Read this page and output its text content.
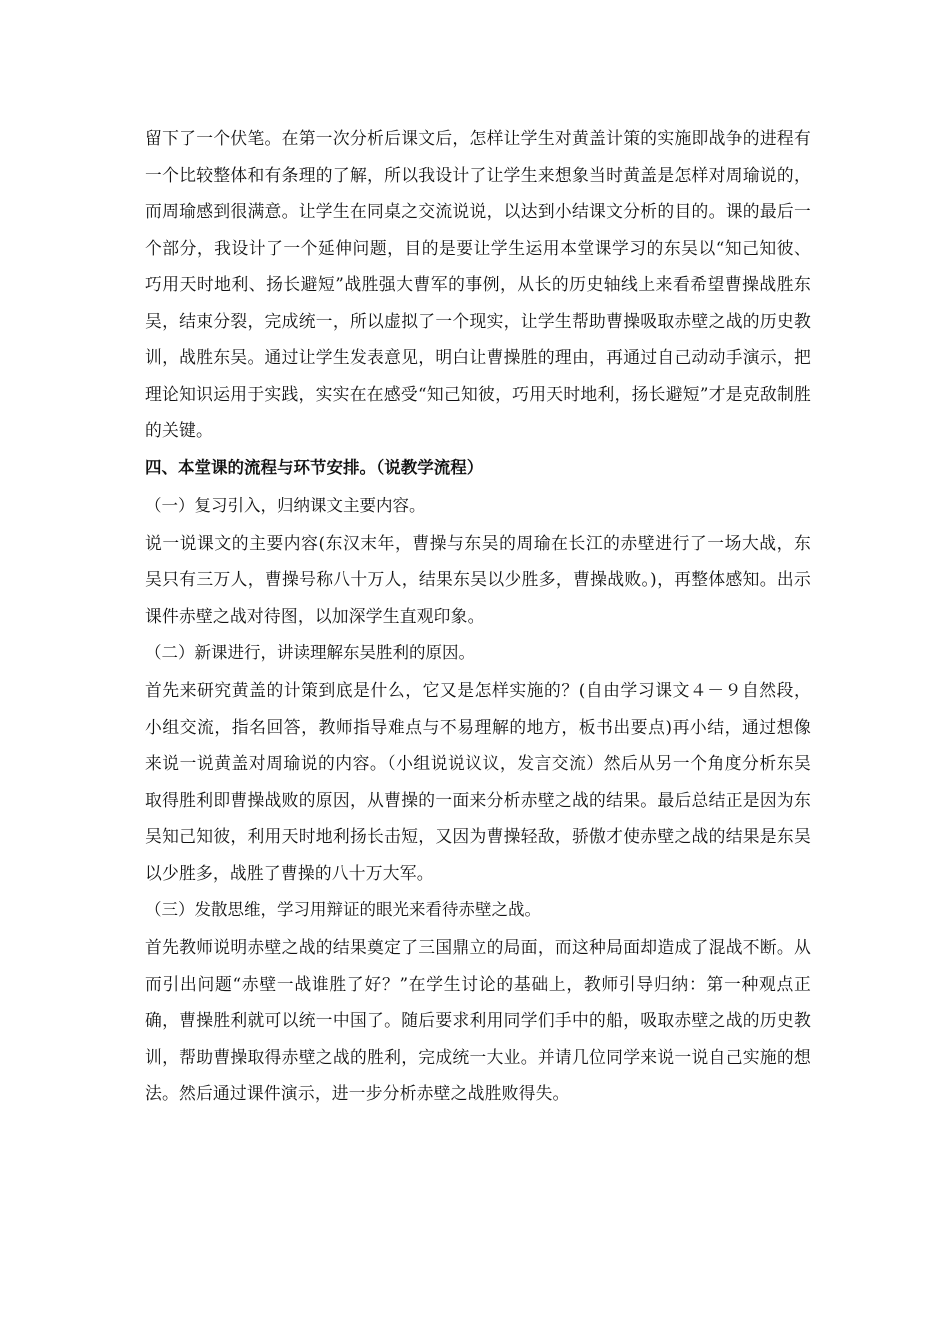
留下了一个伏笔。在第一次分析后课文后，怎样让学生对黄盖计策的实施即战争的进程有一个比较整体和有条理的了解，所以我设计了让学生来想象当时黄盖是怎样对周瑜说的，而周瑜感到很满意。让学生在同桌之交流说说，以达到小结课文分析的目的。课的最后一个部分，我设计了一个延伸问题，目的是要让学生运用本堂课学习的东吴以“知己知彼、巧用天时地利、扬长避短”战胜强大曹军的事例，从长的历史轴线上来看希望曹操战胜东吴，结束分裂，完成统一，所以虚拟了一个现实，让学生帮助曹操吸取赤壁之战的历史教训，战胜东吴。通过让学生发表意见，明白让曹操胜的理由，再通过自己动动手演示，把理论知识运用于实践，实实在在感受“知己知彼，巧用天时地利，扬长避短”才是克敌制胜的关键。

四、本堂课的流程与环节安排。（说教学流程）

（一）复习引入，归纳课文主要内容。

说一说课文的主要内容(东汉末年，曹操与东吴的周瑜在长江的赤壁进行了一场大战，东吴只有三万人，曹操号称八十万人，结果东吴以少胜多，曹操战败。)，再整体感知。出示课件赤壁之战对待图，以加深学生直观印象。

（二）新课进行，讲读理解东吴胜利的原因。

首先来研究黄盖的计策到底是什么，它又是怎样实施的？(自由学习课文４－９自然段，小组交流，指名回答，教师指导难点与不易理解的地方，板书出要点)再小结，通过想像来说一说黄盖对周瑜说的内容。（小组说说议议，发言交流）然后从另一个角度分析东吴取得胜利即曹操战败的原因，从曹操的一面来分析赤壁之战的结果。最后总结正是因为东吴知己知彼，利用天时地利扬长击短，又因为曹操轻敌，骄傲才使赤壁之战的结果是东吴以少胜多，战胜了曹操的八十万大军。

（三）发散思维，学习用辩证的眼光来看待赤壁之战。

首先教师说明赤壁之战的结果奠定了三国鼎立的局面，而这种局面却造成了混战不断。从而引出问题“赤壁一战谁胜了好？”在学生讨论的基础上，教师引导归纳：第一种观点正确，曹操胜利就可以统一中国了。随后要求利用同学们手中的船，吸取赤壁之战的历史教训，帮助曹操取得赤壁之战的胜利，完成统一大业。并请几位同学来说一说自己实施的想法。然后通过课件演示，进一步分析赤壁之战胜败得失。
